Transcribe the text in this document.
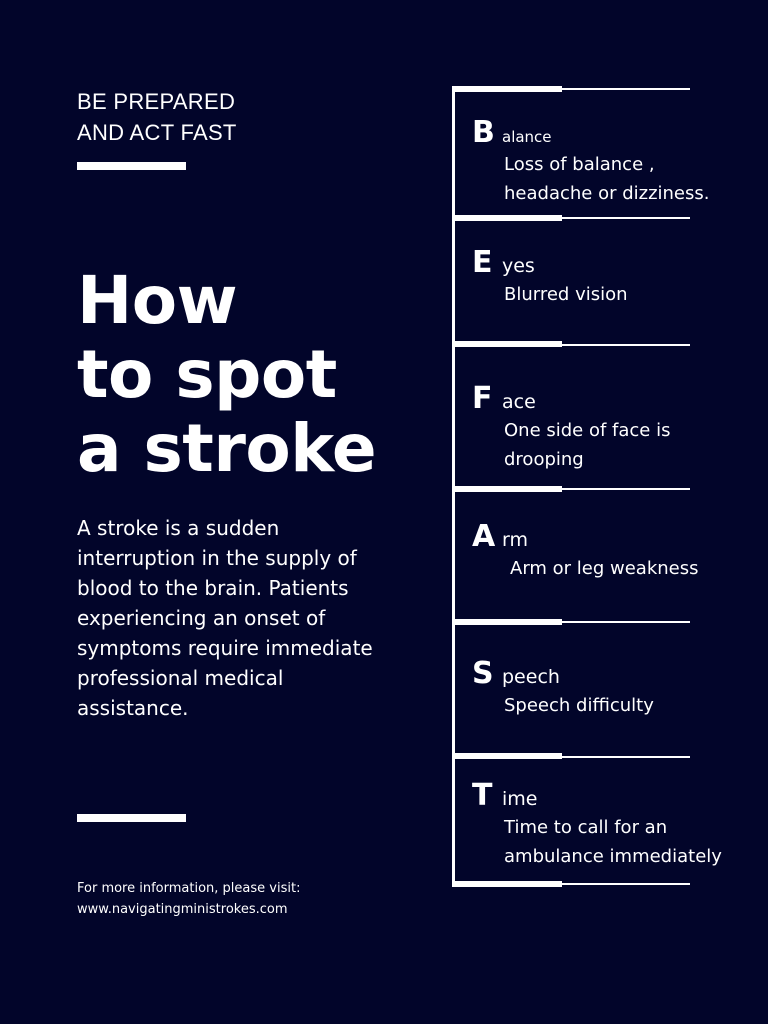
BE PREPARED
AND ACT FAST
How
to spot
a stroke
A stroke is a sudden interruption in the supply of blood to the brain. Patients experiencing an onset of symptoms require immediate professional medical assistance.
For more information, please visit:
www.navigatingministrokes.com
B alance
Loss of balance ,
headache or dizziness.
E yes
Blurred vision
F ace
One side of face is
drooping
A rm
Arm or leg weakness
S peech
Speech difficulty
T ime
Time to call for an
ambulance immediately
